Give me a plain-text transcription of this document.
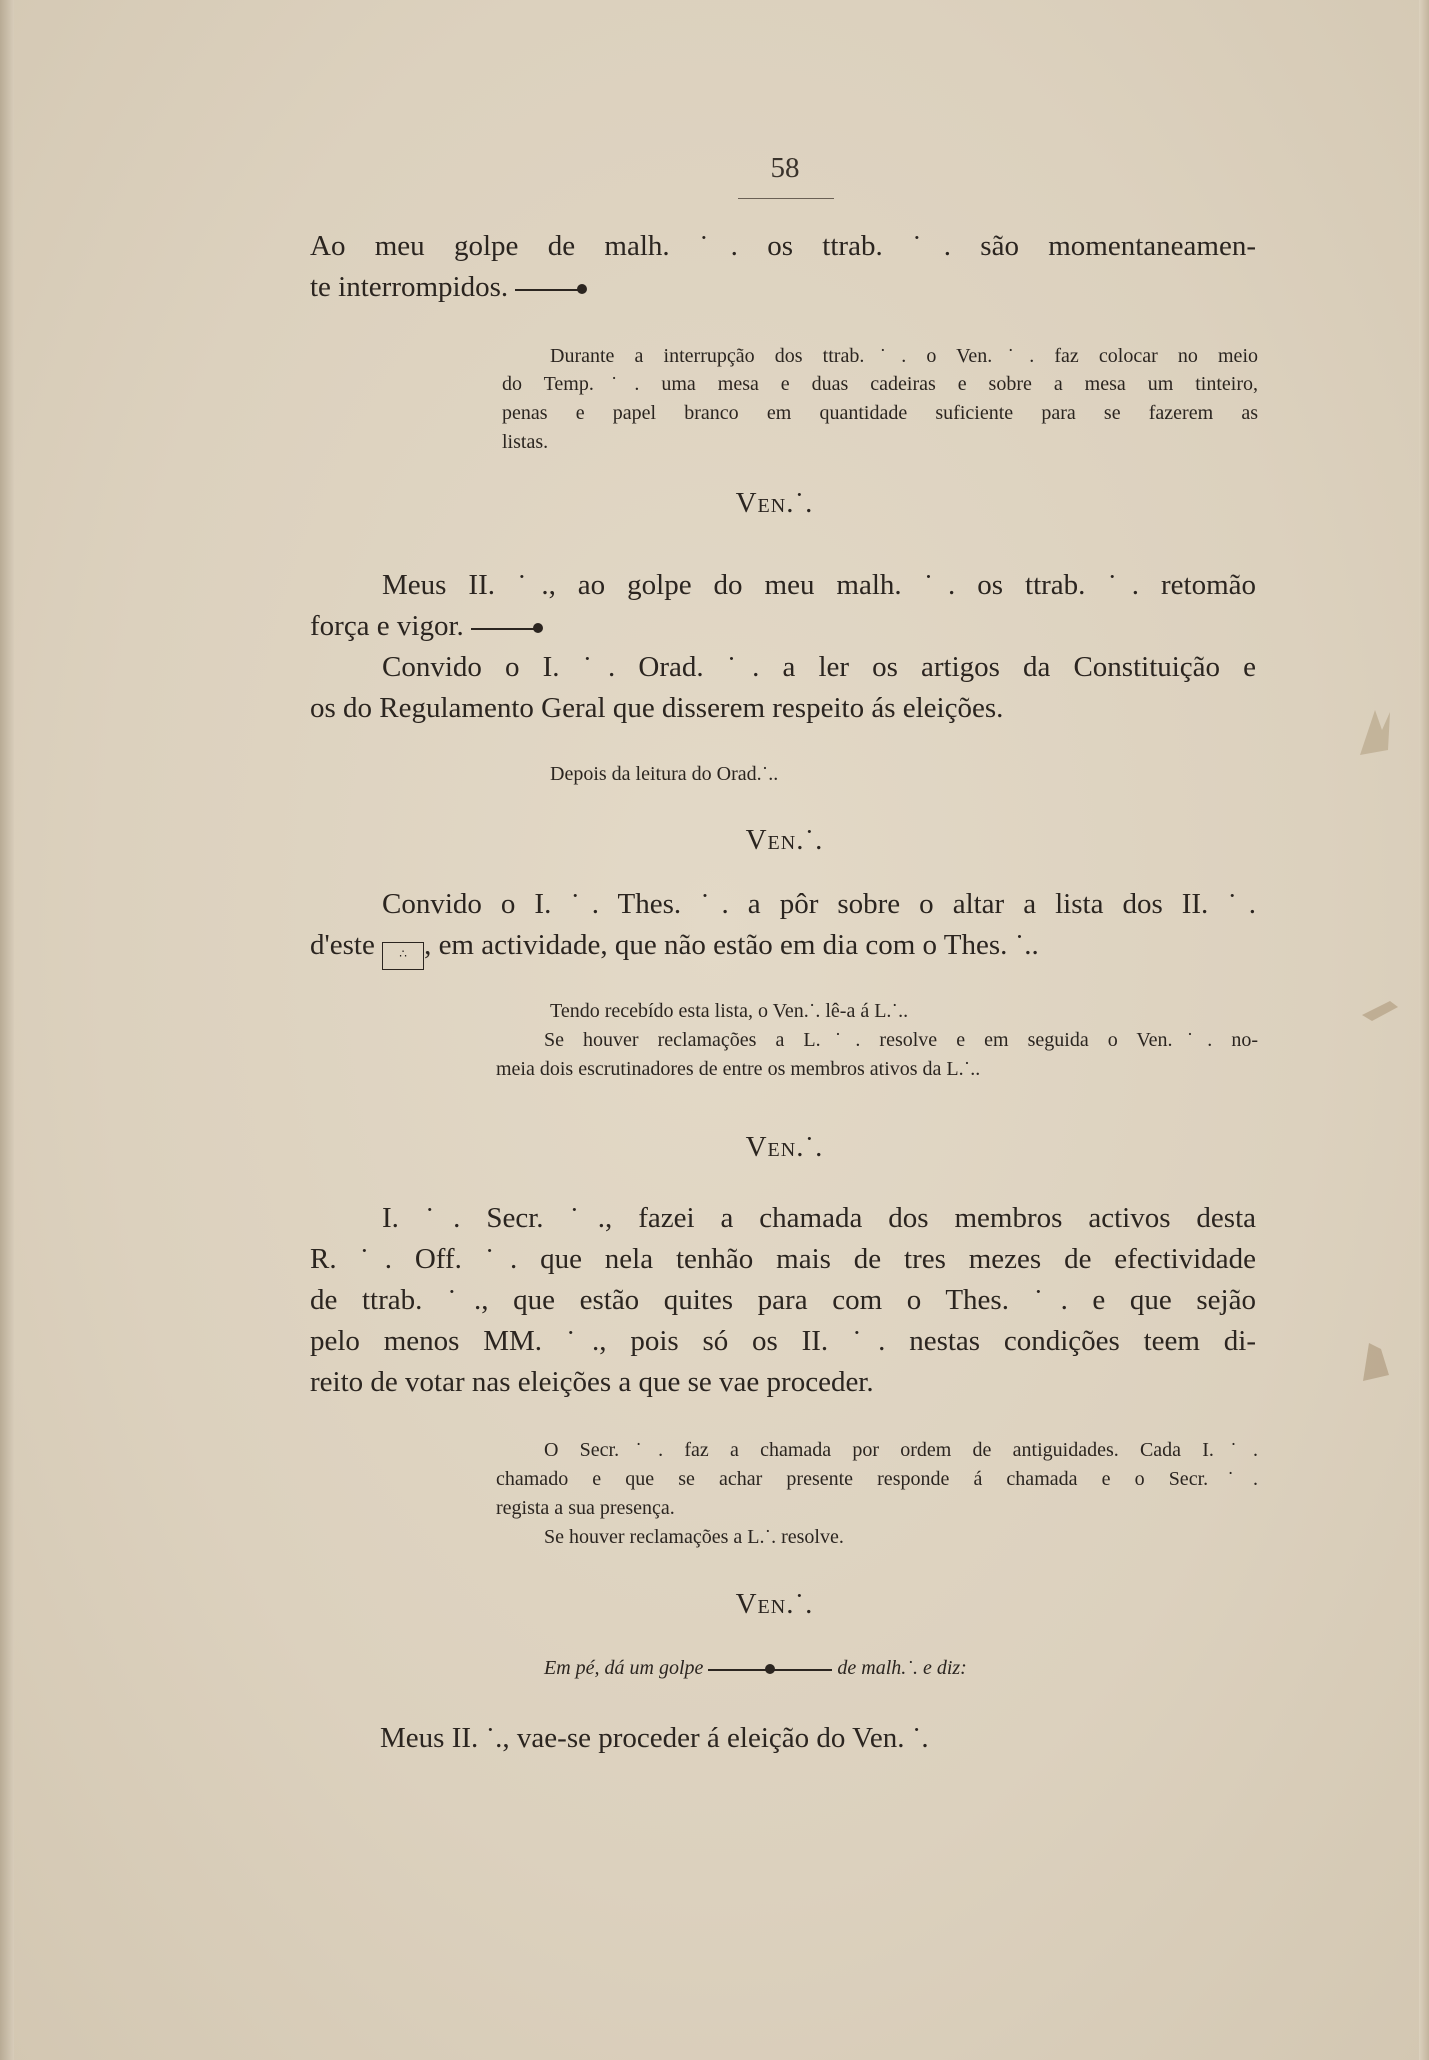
58
Ao meu golpe de malh. ˙. os ttrab. ˙. são momentaneamen-
te interrompidos.
Durante a interrupção dos ttrab.˙. o Ven.˙. faz colocar no meio
do Temp.˙. uma mesa e duas cadeiras e sobre a mesa um tinteiro,
penas e papel branco em quantidade suficiente para se fazerem as
listas.
Ven.˙.
Meus II. ˙., ao golpe do meu malh. ˙. os ttrab. ˙. retomão
força e vigor.
Convido o I. ˙. Orad. ˙. a ler os artigos da Constituição e
os do Regulamento Geral que disserem respeito ás eleições.
Depois da leitura do Orad.˙..
Ven.˙.
Convido o I. ˙. Thes. ˙. a pôr sobre o altar a lista dos II. ˙.
d'este ∴ , em actividade, que não estão em dia com o Thes. ˙..
Tendo recebído esta lista, o Ven.˙. lê-a á L.˙..
Se houver reclamações a L.˙. resolve e em seguida o Ven.˙. no-
meia dois escrutinadores de entre os membros ativos da L.˙..
Ven.˙.
I. ˙. Secr. ˙., fazei a chamada dos membros activos desta
R. ˙. Off. ˙. que nela tenhão mais de tres mezes de efectividade
de ttrab. ˙., que estão quites para com o Thes. ˙. e que sejão
pelo menos MM. ˙., pois só os II. ˙. nestas condições teem di-
reito de votar nas eleições a que se vae proceder.
O Secr.˙. faz a chamada por ordem de antiguidades. Cada I.˙.
chamado e que se achar presente responde á chamada e o Secr.˙.
regista a sua presença.
Se houver reclamações a L.˙. resolve.
Ven.˙.
Em pé, dá um golpe	de malh.˙. e diz:
Meus II. ˙., vae-se proceder á eleição do Ven. ˙.
